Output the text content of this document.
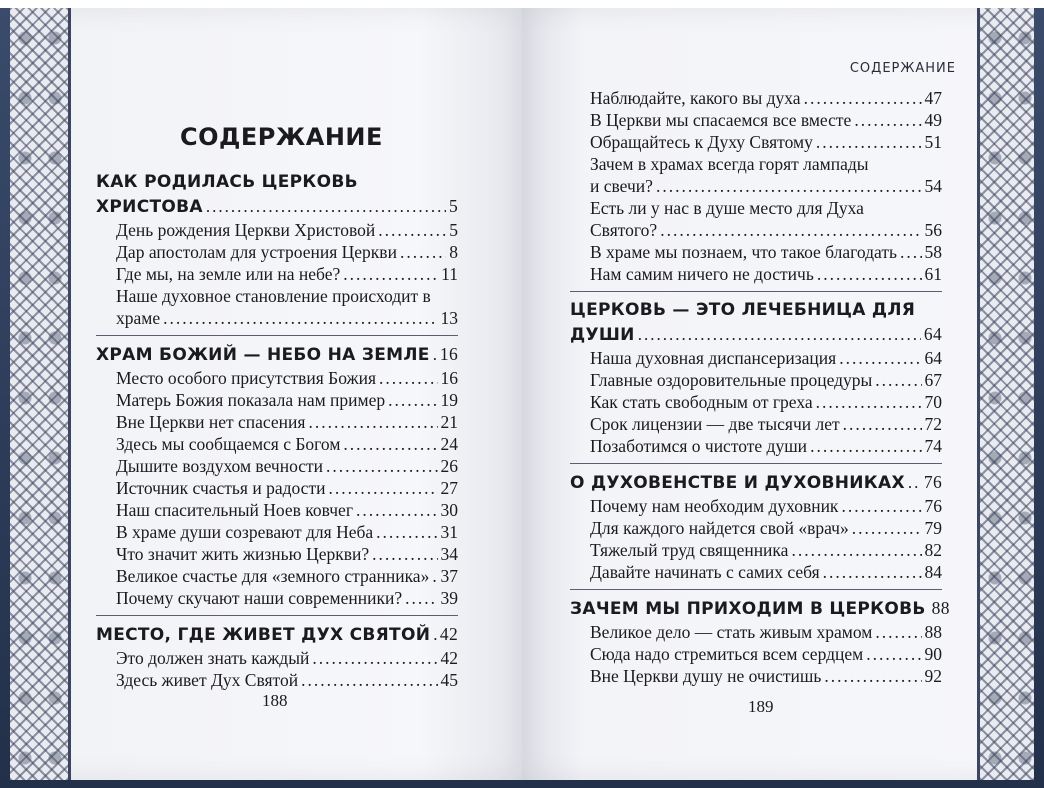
СОДЕРЖАНИЕ
СОДЕРЖАНИЕ
КАК РОДИЛАСЬ ЦЕРКОВЬ
ХРИСТОВА .....	5
День рождения Церкви Христовой .....	5
Дар апостолам для устроения Церкви .....	8
Где мы, на земле или на небе? .....	11
Наше духовное становление происходит в
храме .....	13
ХРАМ БОЖИЙ — НЕБО НА ЗЕМЛЕ ..... 16
Место особого присутствия Божия .....	16
Матерь Божия показала нам пример .....	19
Вне Церкви нет спасения .....	21
Здесь мы сообщаемся с Богом .....	24
Дышите воздухом вечности .....	26
Источник счастья и радости .....	27
Наш спасительный Ноев ковчег .....	30
В храме души созревают для Неба .....	31
Что значит жить жизнью Церкви? .....	34
Великое счастье для «земного странника» ..... 37
Почему скучают наши современники? ..... 39
МЕСТО, ГДЕ ЖИВЕТ ДУХ СВЯТОЙ ..... 42
Это должен знать каждый .....	42
Здесь живет Дух Святой .....	45
188
Наблюдайте, какого вы духа .....	47
В Церкви мы спасаемся все вместе .....	49
Обращайтесь к Духу Святому .....	51
Зачем в храмах всегда горят лампады
и свечи? .....	54
Есть ли у нас в душе место для Духа
Святого? .....	56
В храме мы познаем, что такое благодать ..... 58
Нам самим ничего не достичь .....	61
ЦЕРКОВЬ — ЭТО ЛЕЧЕБНИЦА ДЛЯ
ДУШИ .....	64
Наша духовная диспансеризация .....	64
Главные оздоровительные процедуры .....	67
Как стать свободным от греха .....	70
Срок лицензии — две тысячи лет .....	72
Позаботимся о чистоте души .....	74
О ДУХОВЕНСТВЕ И ДУХОВНИКАХ ..... 76
Почему нам необходим духовник .....	76
Для каждого найдется свой «врач» .....	79
Тяжелый труд священника .....	82
Давайте начинать с самих себя .....	84
ЗАЧЕМ МЫ ПРИХОДИМ В ЦЕРКОВЬ 88
Великое дело — стать живым храмом .....	88
Сюда надо стремиться всем сердцем .....	90
Вне Церкви душу не очистишь .....	92
189
